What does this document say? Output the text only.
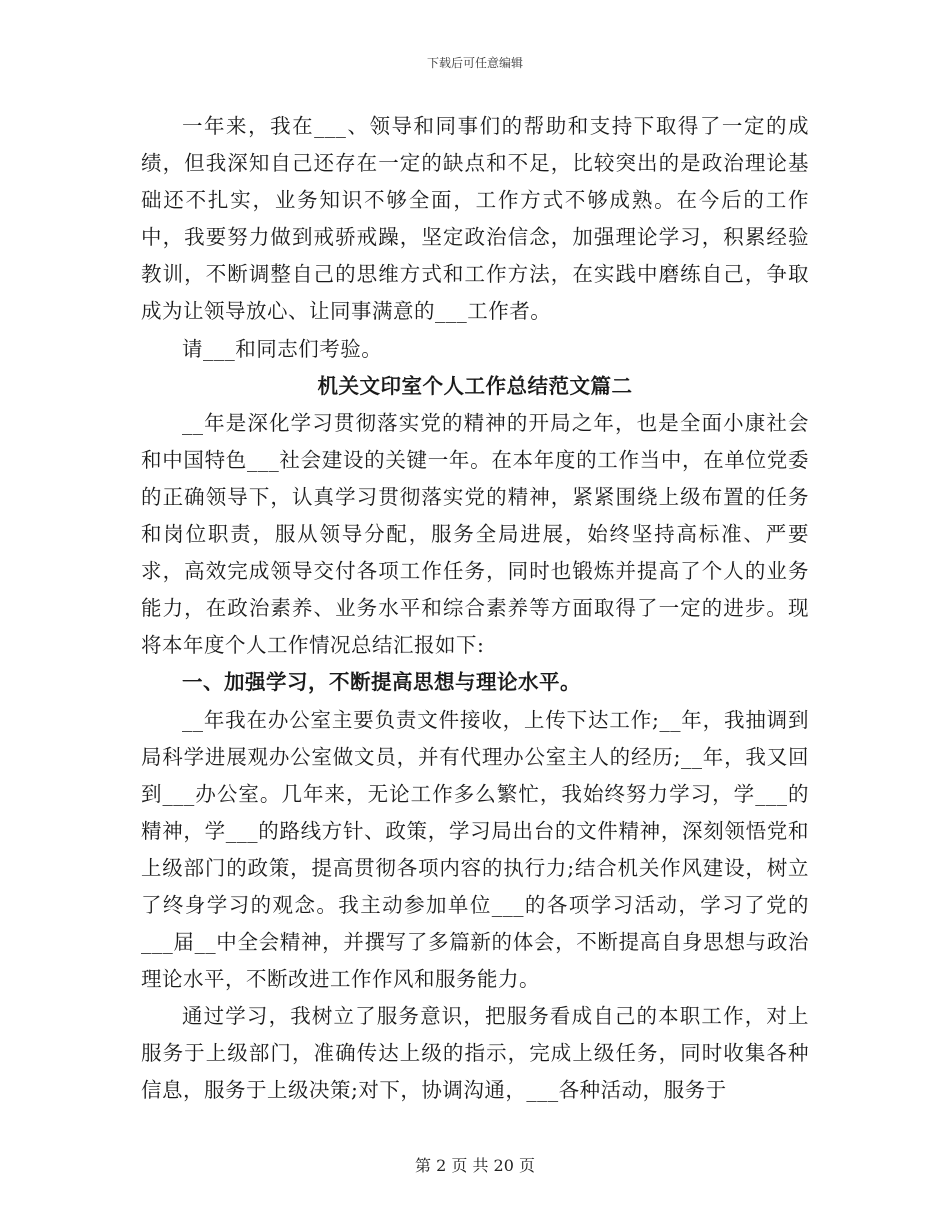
下载后可任意编辑

一年来，我在___、领导和同事们的帮助和支持下取得了一定的成绩，但我深知自己还存在一定的缺点和不足，比较突出的是政治理论基础还不扎实，业务知识不够全面，工作方式不够成熟。在今后的工作中，我要努力做到戒骄戒躁，坚定政治信念，加强理论学习，积累经验教训，不断调整自己的思维方式和工作方法，在实践中磨练自己，争取成为让领导放心、让同事满意的___工作者。

请___和同志们考验。

机关文印室个人工作总结范文篇二

__年是深化学习贯彻落实党的精神的开局之年，也是全面小康社会和中国特色___社会建设的关键一年。在本年度的工作当中，在单位党委的正确领导下，认真学习贯彻落实党的精神，紧紧围绕上级布置的任务和岗位职责，服从领导分配，服务全局进展，始终坚持高标准、严要求，高效完成领导交付各项工作任务，同时也锻炼并提高了个人的业务能力，在政治素养、业务水平和综合素养等方面取得了一定的进步。现将本年度个人工作情况总结汇报如下:

一、加强学习，不断提高思想与理论水平。

__年我在办公室主要负责文件接收，上传下达工作;__年，我抽调到局科学进展观办公室做文员，并有代理办公室主人的经历;__年，我又回到___办公室。几年来，无论工作多么繁忙，我始终努力学习，学___的精神，学___的路线方针、政策，学习局出台的文件精神，深刻领悟党和上级部门的政策，提高贯彻各项内容的执行力;结合机关作风建设，树立了终身学习的观念。我主动参加单位___的各项学习活动，学习了党的___届__中全会精神，并撰写了多篇新的体会，不断提高自身思想与政治理论水平，不断改进工作作风和服务能力。

通过学习，我树立了服务意识，把服务看成自己的本职工作，对上服务于上级部门，准确传达上级的指示，完成上级任务，同时收集各种信息，服务于上级决策;对下，协调沟通，___各种活动，服务于

第 2 页 共 20 页
